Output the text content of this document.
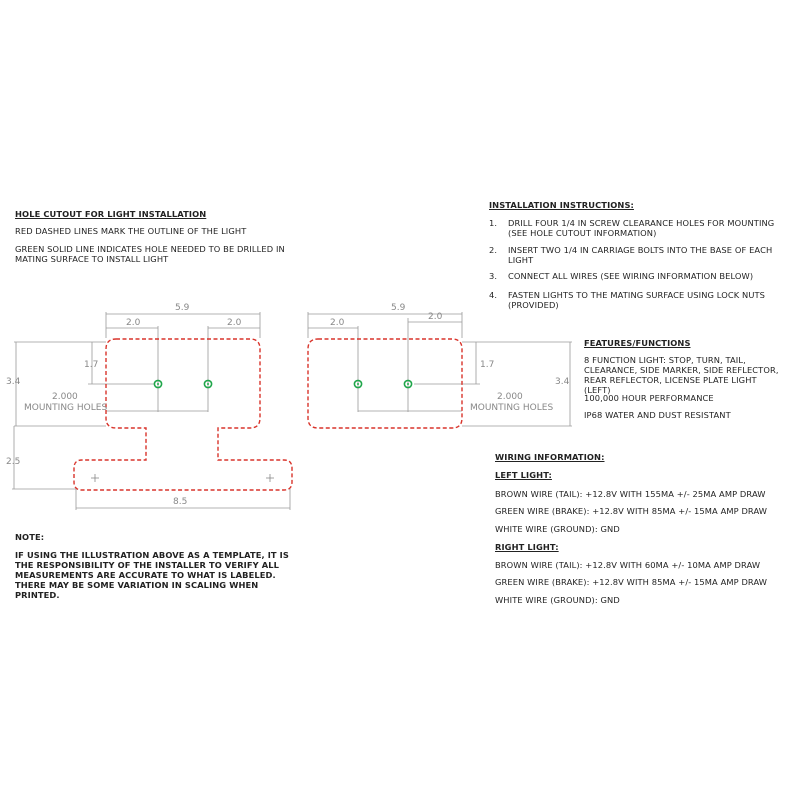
5.9
2.0	2.0
1.7
3.4
2.000
MOUNTING HOLES
2.5
8.5
5.9
2.0
2.0
1.7
3.4
2.000
MOUNTING HOLES
HOLE CUTOUT FOR LIGHT INSTALLATION
RED DASHED LINES MARK THE OUTLINE OF THE LIGHT
GREEN SOLID LINE INDICATES HOLE NEEDED TO BE DRILLED IN MATING SURFACE TO INSTALL LIGHT
NOTE:
IF USING THE ILLUSTRATION ABOVE AS A TEMPLATE, IT IS THE RESPONSIBILITY OF THE INSTALLER TO VERIFY ALL MEASUREMENTS ARE ACCURATE TO WHAT IS LABELED. THERE MAY BE SOME VARIATION IN SCALING WHEN PRINTED.
INSTALLATION INSTRUCTIONS:
1.	DRILL FOUR 1/4 IN SCREW CLEARANCE HOLES FOR MOUNTING (SEE HOLE CUTOUT INFORMATION)
2.	INSERT TWO 1/4 IN CARRIAGE BOLTS INTO THE BASE OF EACH LIGHT
3.	CONNECT ALL WIRES (SEE WIRING INFORMATION BELOW)
4.	FASTEN LIGHTS TO THE MATING SURFACE USING LOCK NUTS (PROVIDED)
FEATURES/FUNCTIONS
8 FUNCTION LIGHT: STOP, TURN, TAIL, CLEARANCE, SIDE MARKER, SIDE REFLECTOR, REAR REFLECTOR, LICENSE PLATE LIGHT (LEFT)
100,000 HOUR PERFORMANCE
IP68 WATER AND DUST RESISTANT
WIRING INFORMATION:
LEFT LIGHT:
BROWN WIRE (TAIL): +12.8V WITH 155MA +/- 25MA AMP DRAW
GREEN WIRE (BRAKE): +12.8V WITH 85MA +/- 15MA AMP DRAW
WHITE WIRE (GROUND): GND
RIGHT LIGHT:
BROWN WIRE (TAIL): +12.8V WITH 60MA +/- 10MA AMP DRAW
GREEN WIRE (BRAKE): +12.8V WITH 85MA +/- 15MA AMP DRAW
WHITE WIRE (GROUND): GND
